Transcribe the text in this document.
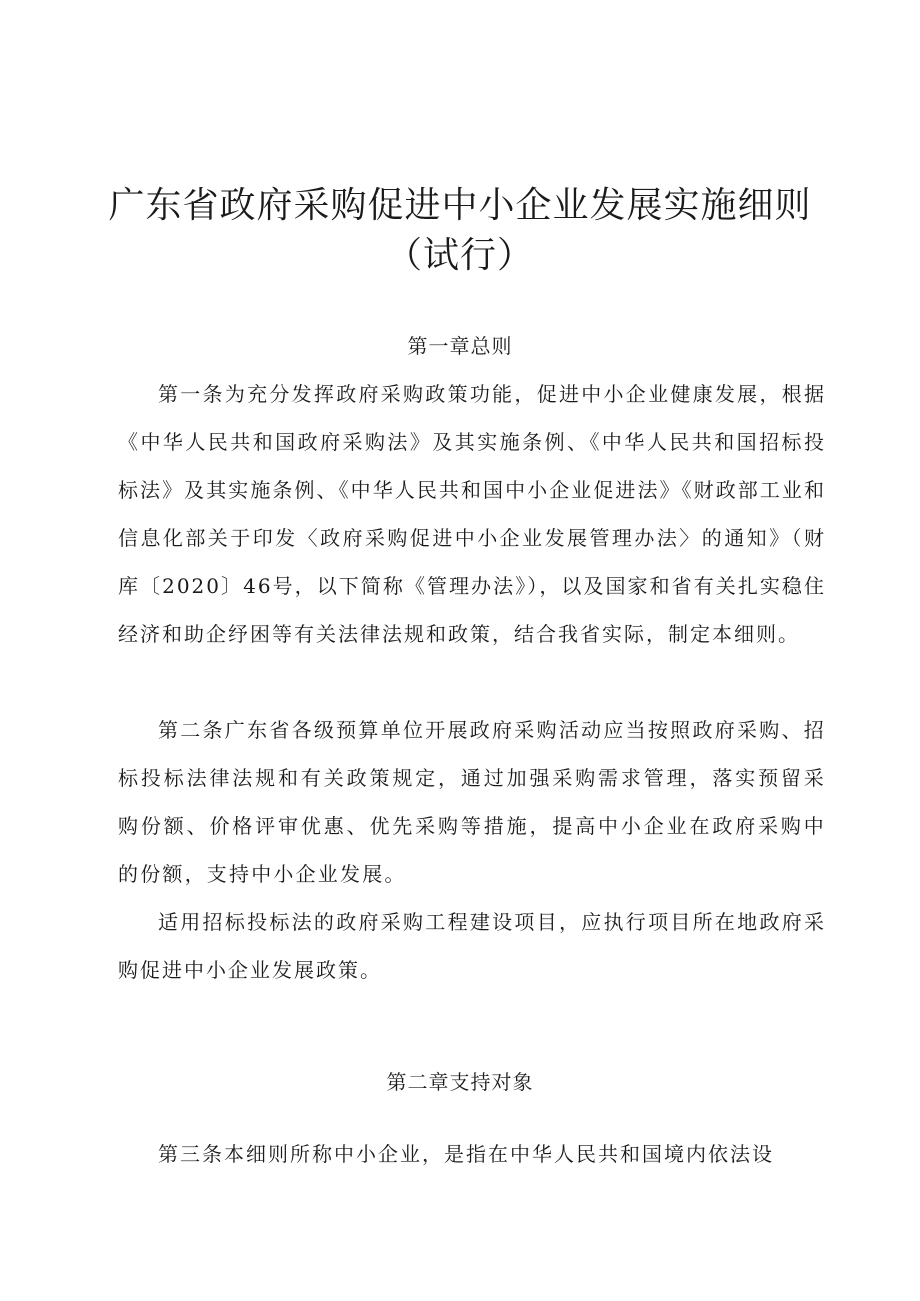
广东省政府采购促进中小企业发展实施细则
（试行）
第一章总则

第一条为充分发挥政府采购政策功能，促进中小企业健康发展，根据《中华人民共和国政府采购法》及其实施条例、《中华人民共和国招标投标法》及其实施条例、《中华人民共和国中小企业促进法》《财政部工业和信息化部关于印发〈政府采购促进中小企业发展管理办法〉的通知》（财库〔2020〕46号，以下简称《管理办法》），以及国家和省有关扎实稳住经济和助企纾困等有关法律法规和政策，结合我省实际，制定本细则。

第二条广东省各级预算单位开展政府采购活动应当按照政府采购、招标投标法律法规和有关政策规定，通过加强采购需求管理，落实预留采购份额、价格评审优惠、优先采购等措施，提高中小企业在政府采购中的份额，支持中小企业发展。

适用招标投标法的政府采购工程建设项目，应执行项目所在地政府采购促进中小企业发展政策。

第二章支持对象

第三条本细则所称中小企业，是指在中华人民共和国境内依法设
